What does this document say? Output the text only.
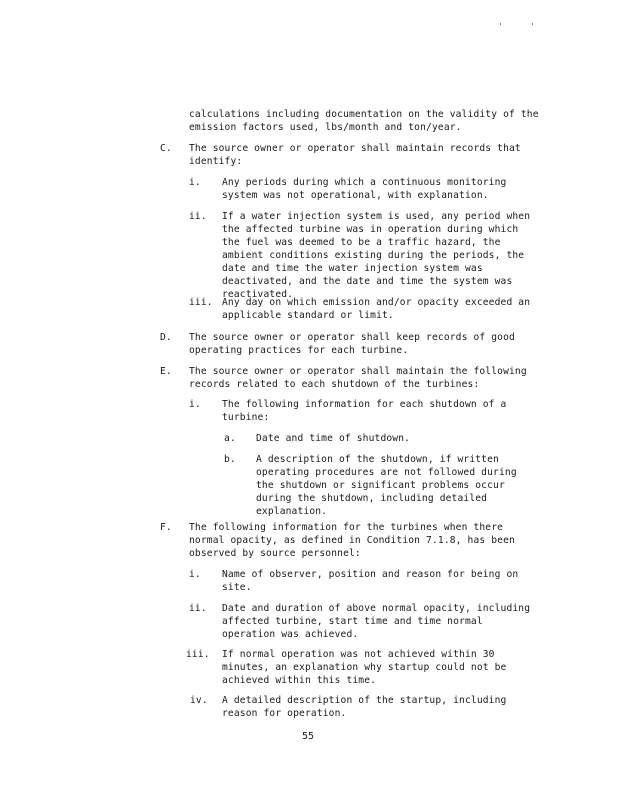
'	'
calculations including documentation on the validity of the
emission factors used, lbs/month and ton/year.
C. The source owner or operator shall maintain records that
identify:
i. Any periods during which a continuous monitoring
system was not operational, with explanation.
ii. If a water injection system is used, any period when
the affected turbine was in operation during which
the fuel was deemed to be a traffic hazard, the
ambient conditions existing during the periods, the
date and time the water injection system was
deactivated, and the date and time the system was
reactivated.
iii. Any day on which emission and/or opacity exceeded an
applicable standard or limit.
D. The source owner or operator shall keep records of good
operating practices for each turbine.
E. The source owner or operator shall maintain the following
records related to each shutdown of the turbines:
i. The following information for each shutdown of a
turbine:
a. Date and time of shutdown.
b. A description of the shutdown, if written
operating procedures are not followed during
the shutdown or significant problems occur
during the shutdown, including detailed
explanation.
F. The following information for the turbines when there
normal opacity, as defined in Condition 7.1.8, has been
observed by source personnel:
i. Name of observer, position and reason for being on
site.
ii. Date and duration of above normal opacity, including
affected turbine, start time and time normal
operation was achieved.
iii. If normal operation was not achieved within 30
minutes, an explanation why startup could not be
achieved within this time.
iv. A detailed description of the startup, including
reason for operation.
55
